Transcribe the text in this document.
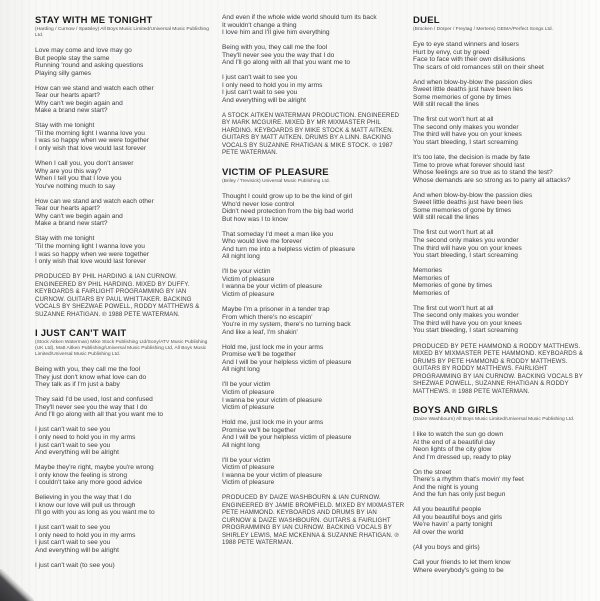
STAY WITH ME TONIGHT
(Harding / Curnow / Spatsley) All Boys Music Limited/Universal Music Publishing Ltd.
Love may come and love may go
But people stay the same
Running 'round and asking questions
Playing silly games
How can we stand and watch each other
Tear our hearts apart?
Why can't we begin again and
Make a brand new start?
Stay with me tonight
'Til the morning light I wanna love you
I was so happy when we were together
I only wish that love would last forever
When I call you, you don't answer
Why are you this way?
When I tell you that I love you
You've nothing much to say
How can we stand and watch each other
Tear our hearts apart?
Why can't we begin again and
Make a brand new start?
Stay with me tonight
'Til the morning light I wanna love you
I was so happy when we were together
I only wish that love would last forever
PRODUCED BY PHIL HARDING & IAN CURNOW. ENGINEERED BY PHIL HARDING. MIXED BY DUFFY. KEYBOARDS & FAIRLIGHT PROGRAMMING BY IAN CURNOW. GUITARS BY PAUL WHITTAKER. BACKING VOCALS BY SHEZWAE POWELL, RODDY MATTHEWS & SUZANNE RHATIGAN. ℗ 1988 PETE WATERMAN.
I JUST CAN'T WAIT
(Stock Aitken Waterman) Mike Stock Publishing Ltd/Sony/ATV Music Publishing (UK Ltd), Matt Aitken Publishing/Universal Music Publishing Ltd, All Boys Music Limited/Universal Music Publishing Ltd.
Being with you, they call me the fool
They just don't know what love can do
They talk as if I'm just a baby
They said I'd be used, lost and confused
They'll never see you the way that I do
And I'll go along with all that you want me to
I just can't wait to see you
I only need to hold you in my arms
I just can't wait to see you
And everything will be alright
Maybe they're right, maybe you're wrong
I only know the feeling is strong
I couldn't take any more good advice
Believing in you the way that I do
I know our love will pull us through
I'll go with you as long as you want me to
I just can't wait to see you
I only need to hold you in my arms
I just can't wait to see you
And everything will be alright
I just can't wait (to see you)
And even if the whole wide world should turn its back
It wouldn't change a thing
I love him and I'll give him everything
Being with you, they call me the fool
They'll never see you the way that I do
And I'll go along with all that you want me to
I just can't wait to see you
I only need to hold you in my arms
I just can't wait to see you
And everything will be alright
A STOCK AITKEN WATERMAN PRODUCTION. ENGINEERED BY MARK MCGUIRE. MIXED BY MR MIXMASTER PHIL HARDING. KEYBOARDS BY MIKE STOCK & MATT AITKEN. GUITARS BY MATT AITKEN. DRUMS BY A LINN. BACKING VOCALS BY SUZANNE RHATIGAN & MIKE STOCK. ℗ 1987 PETE WATERMAN.
VICTIM OF PLEASURE
(Briley / Trevisick) Universal Music Publishing Ltd.
Thought I could grow up to be the kind of girl
Who'd never lose control
Didn't need protection from the big bad world
But how was I to know
That someday I'd meet a man like you
Who would love me forever
And turn me into a helpless victim of pleasure
All night long
I'll be your victim
Victim of pleasure
I wanna be your victim of pleasure
Victim of pleasure
Maybe I'm a prisoner in a tender trap
From which there's no escapin'
You're in my system, there's no turning back
And like a leaf, I'm shakin'
Hold me, just lock me in your arms
Promise we'll be together
And I will be your helpless victim of pleasure
All night long
I'll be your victim
Victim of pleasure
I wanna be your victim of pleasure
Victim of pleasure
Hold me, just lock me in your arms
Promise we'll be together
And I will be your helpless victim of pleasure
All night long
I'll be your victim
Victim of pleasure
I wanna be your victim of pleasure
Victim of pleasure
PRODUCED BY DAIZE WASHBOURN & IAN CURNOW. ENGINEERED BY JAMIE BROMFIELD. MIXED BY MIXMASTER PETE HAMMOND. KEYBOARDS AND DRUMS BY IAN CURNOW & DAIZE WASHBOURN. GUITARS & FAIRLIGHT PROGRAMMING BY IAN CURNOW. BACKING VOCALS BY SHIRLEY LEWIS, MAE MCKENNA & SUZANNE RHATIGAN. ℗ 1988 PETE WATERMAN.
DUEL
(Brücken / Dörper / Freytag / Mertens) GEMA/Perfect Songs Ltd.
Eye to eye stand winners and losers
Hurt by envy, cut by greed
Face to face with their own disillusions
The scars of old romances still on their sheet
And when blow-by-blow the passion dies
Sweet little deaths just have been lies
Some memories of gone by times
Will still recall the lines
The first cut won't hurt at all
The second only makes you wonder
The third will have you on your knees
You start bleeding, I start screaming
It's too late, the decision is made by fate
Time to prove what forever should last
Whose feelings are so true as to stand the test?
Whose demands are so strong as to parry all attacks?
And when blow-by-blow the passion dies
Sweet little deaths just have been lies
Some memories of gone by times
Will still recall the lines
The first cut won't hurt at all
The second only makes you wonder
The third will have you on your knees
You start bleeding, I start screaming
Memories
Memories of
Memories of gone by times
Memories of
The first cut won't hurt at all
The second only makes you wonder
The third will have you on your knees
You start bleeding, I start screaming
PRODUCED BY PETE HAMMOND & RODDY MATTHEWS. MIXED BY MIXMASTER PETE HAMMOND. KEYBOARDS & DRUMS BY PETE HAMMOND & RODDY MATTHEWS. GUITARS BY RODDY MATTHEWS. FAIRLIGHT PROGRAMMING BY IAN CURNOW. BACKING VOCALS BY SHEZWAE POWELL, SUZANNE RHATIGAN & RODDY MATTHEWS. ℗ 1988 PETE WATERMAN.
BOYS AND GIRLS
(Daize Washbourn) All Boys Music Limited/Universal Music Publishing Ltd.
I like to watch the sun go down
At the end of a beautiful day
Neon lights of the city glow
And I'm dressed up, ready to play
On the street
There's a rhythm that's movin' my feet
And the night is young
And the fun has only just begun
All you beautiful people
All you beautiful boys and girls
We're havin' a party tonight
All over the world
(All you boys and girls)
Call your friends to let them know
Where everybody's going to be
